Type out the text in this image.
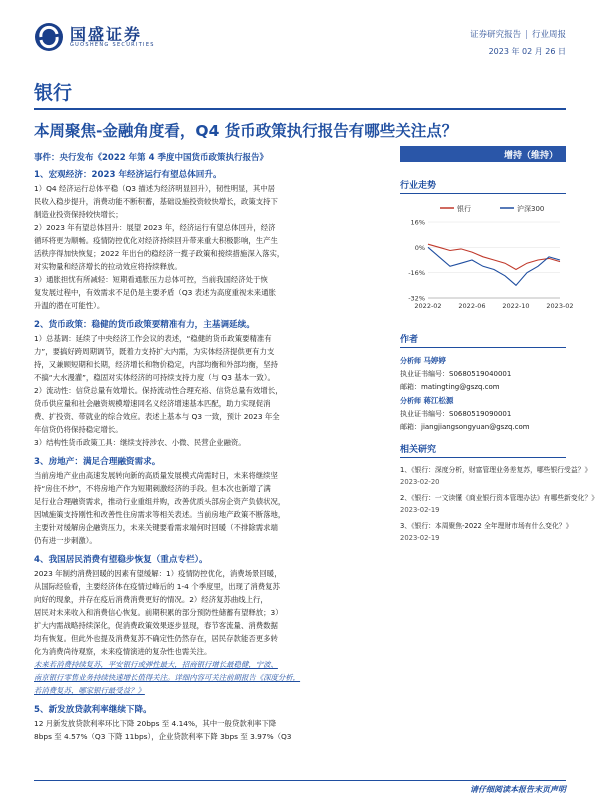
国盛证券
GUOSHENG SECURITIES
证券研究报告 | 行业周报
2023 年 02 月 26 日
银行
本周聚焦-金融角度看，Q4 货币政策执行报告有哪些关注点？
事件：央行发布《2022 年第 4 季度中国货币政策执行报告》	增持（维持）
1、宏观经济：2023 年经济运行有望总体回升。
1）Q4 经济运行总体平稳（Q3 描述为经济明显回升），韧性明显，其中居
民收入稳步提升，消费动能不断积蓄，基础设施投资较快增长，政策支持下
制造业投资保持较快增长；
2）2023 年有望总体回升：展望 2023 年，经济运行有望总体回升，经济
循环将更为顺畅。疫情防控优化对经济持续回升带来重大积极影响，生产生
活秩序得加快恢复；2022 年出台的稳经济一揽子政策和接续措施深入落实，
对实物量和经济增长的拉动效应将持续释放。
3）通胀担忧有所减轻：短期看通胀压力总体可控，当前我国经济处于恢
复发展过程中，有效需求不足仍是主要矛盾（Q3 表述为高度重视未来通胀
升温的潜在可能性）。
2、货币政策：稳健的货币政策要精准有力，主基调延续。
1）总基调：延续了中央经济工作会议的表述，“稳健的货币政策要精准有
力”，要搞好跨周期调节，既着力支持扩大内需，为实体经济提供更有力支
持，又兼顾短期和长期，经济增长和物价稳定，内部均衡和外部均衡，坚持
不搞“大水漫灌”，稳固对实体经济的可持续支持力度（与 Q3 基本一致）。
2）流动性：信贷总量有效增长。保持流动性合理充裕、信贷总量有效增长，
货币供应量和社会融资规模增速同名义经济增速基本匹配，助力实现促消
费、扩投资、带就业的综合效应。表述上基本与 Q3 一致，预计 2023 年全
年信贷仍将保持稳定增长。
3）结构性货币政策工具：继续支持涉农、小微、民营企业融资。
3、房地产：满足合理融资需求。
当前房地产业由高速发展转向新的高质量发展模式尚需时日，未来将继续坚
持“房住不炒”，不将房地产作为短期刺激经济的手段。但本次也新增了满
足行业合理融资需求，推动行业重组并购，改善优质头部房企资产负债状况，
因城施策支持刚性和改善性住房需求等相关表述。当前房地产政策不断落地，
主要针对缓解房企融资压力，未来关键要看需求端何时回暖（不排除需求端
仍有进一步刺激）。
4、我国居民消费有望稳步恢复（重点专栏）。
2023 年制约消费回暖的因素有望缓解：1）疫情防控优化，消费场景回暖，
从国际经验看，主要经济体在疫情过峰后的 1-4 个季度里，出现了消费复苏
向好的现象，并存在疫后消费消费更好的情况。2）经济复苏曲线上行，
居民对未来收入和消费信心恢复。前期积累的部分预防性储蓄有望释放；3）
扩大内需战略持续深化，促消费政策效果逐步显现，春节客流量、消费数据
均有恢复。但此外也提及消费复苏不确定性仍然存在，居民存款能否更多转
化为消费尚待观察，未来疫情演进的复杂性也需关注。
未来若消费持续复苏，平安银行或弹性最大，招商银行增长最稳健，宁波、
南京银行零售业务持续快速增长值得关注。详细内容可关注前期报告《深度分析，
若消费复苏，哪家银行最受益？》
5、新发放贷款利率继续下降。
12 月新发放贷款利率环比下降 20bps 至 4.14%，其中一般贷款利率下降
8bps 至 4.57%（Q3 下降 11bps），企业贷款利率下降 3bps 至 3.97%（Q3
行业走势
银行	沪深300
16%
0%
-16%
-32%
2022-02	2022-06	2022-10	2023-02
作者
分析师 马婷婷
执业证书编号：S0680519040001
邮箱：matingting@gszq.com
分析师 蒋江松源
执业证书编号：S0680519090001
邮箱：jiangjiangsongyuan@gszq.com
相关研究
1、《银行：深度分析，财富管理业务差复苏，哪些银行受益？》
2023-02-20
2、《银行：一文读懂《商业银行资本管理办法》有哪些新变化？》
2023-02-19
3、《银行：本周聚焦-2022 全年理财市场有什么变化？》
2023-02-19
请仔细阅读本报告末页声明
